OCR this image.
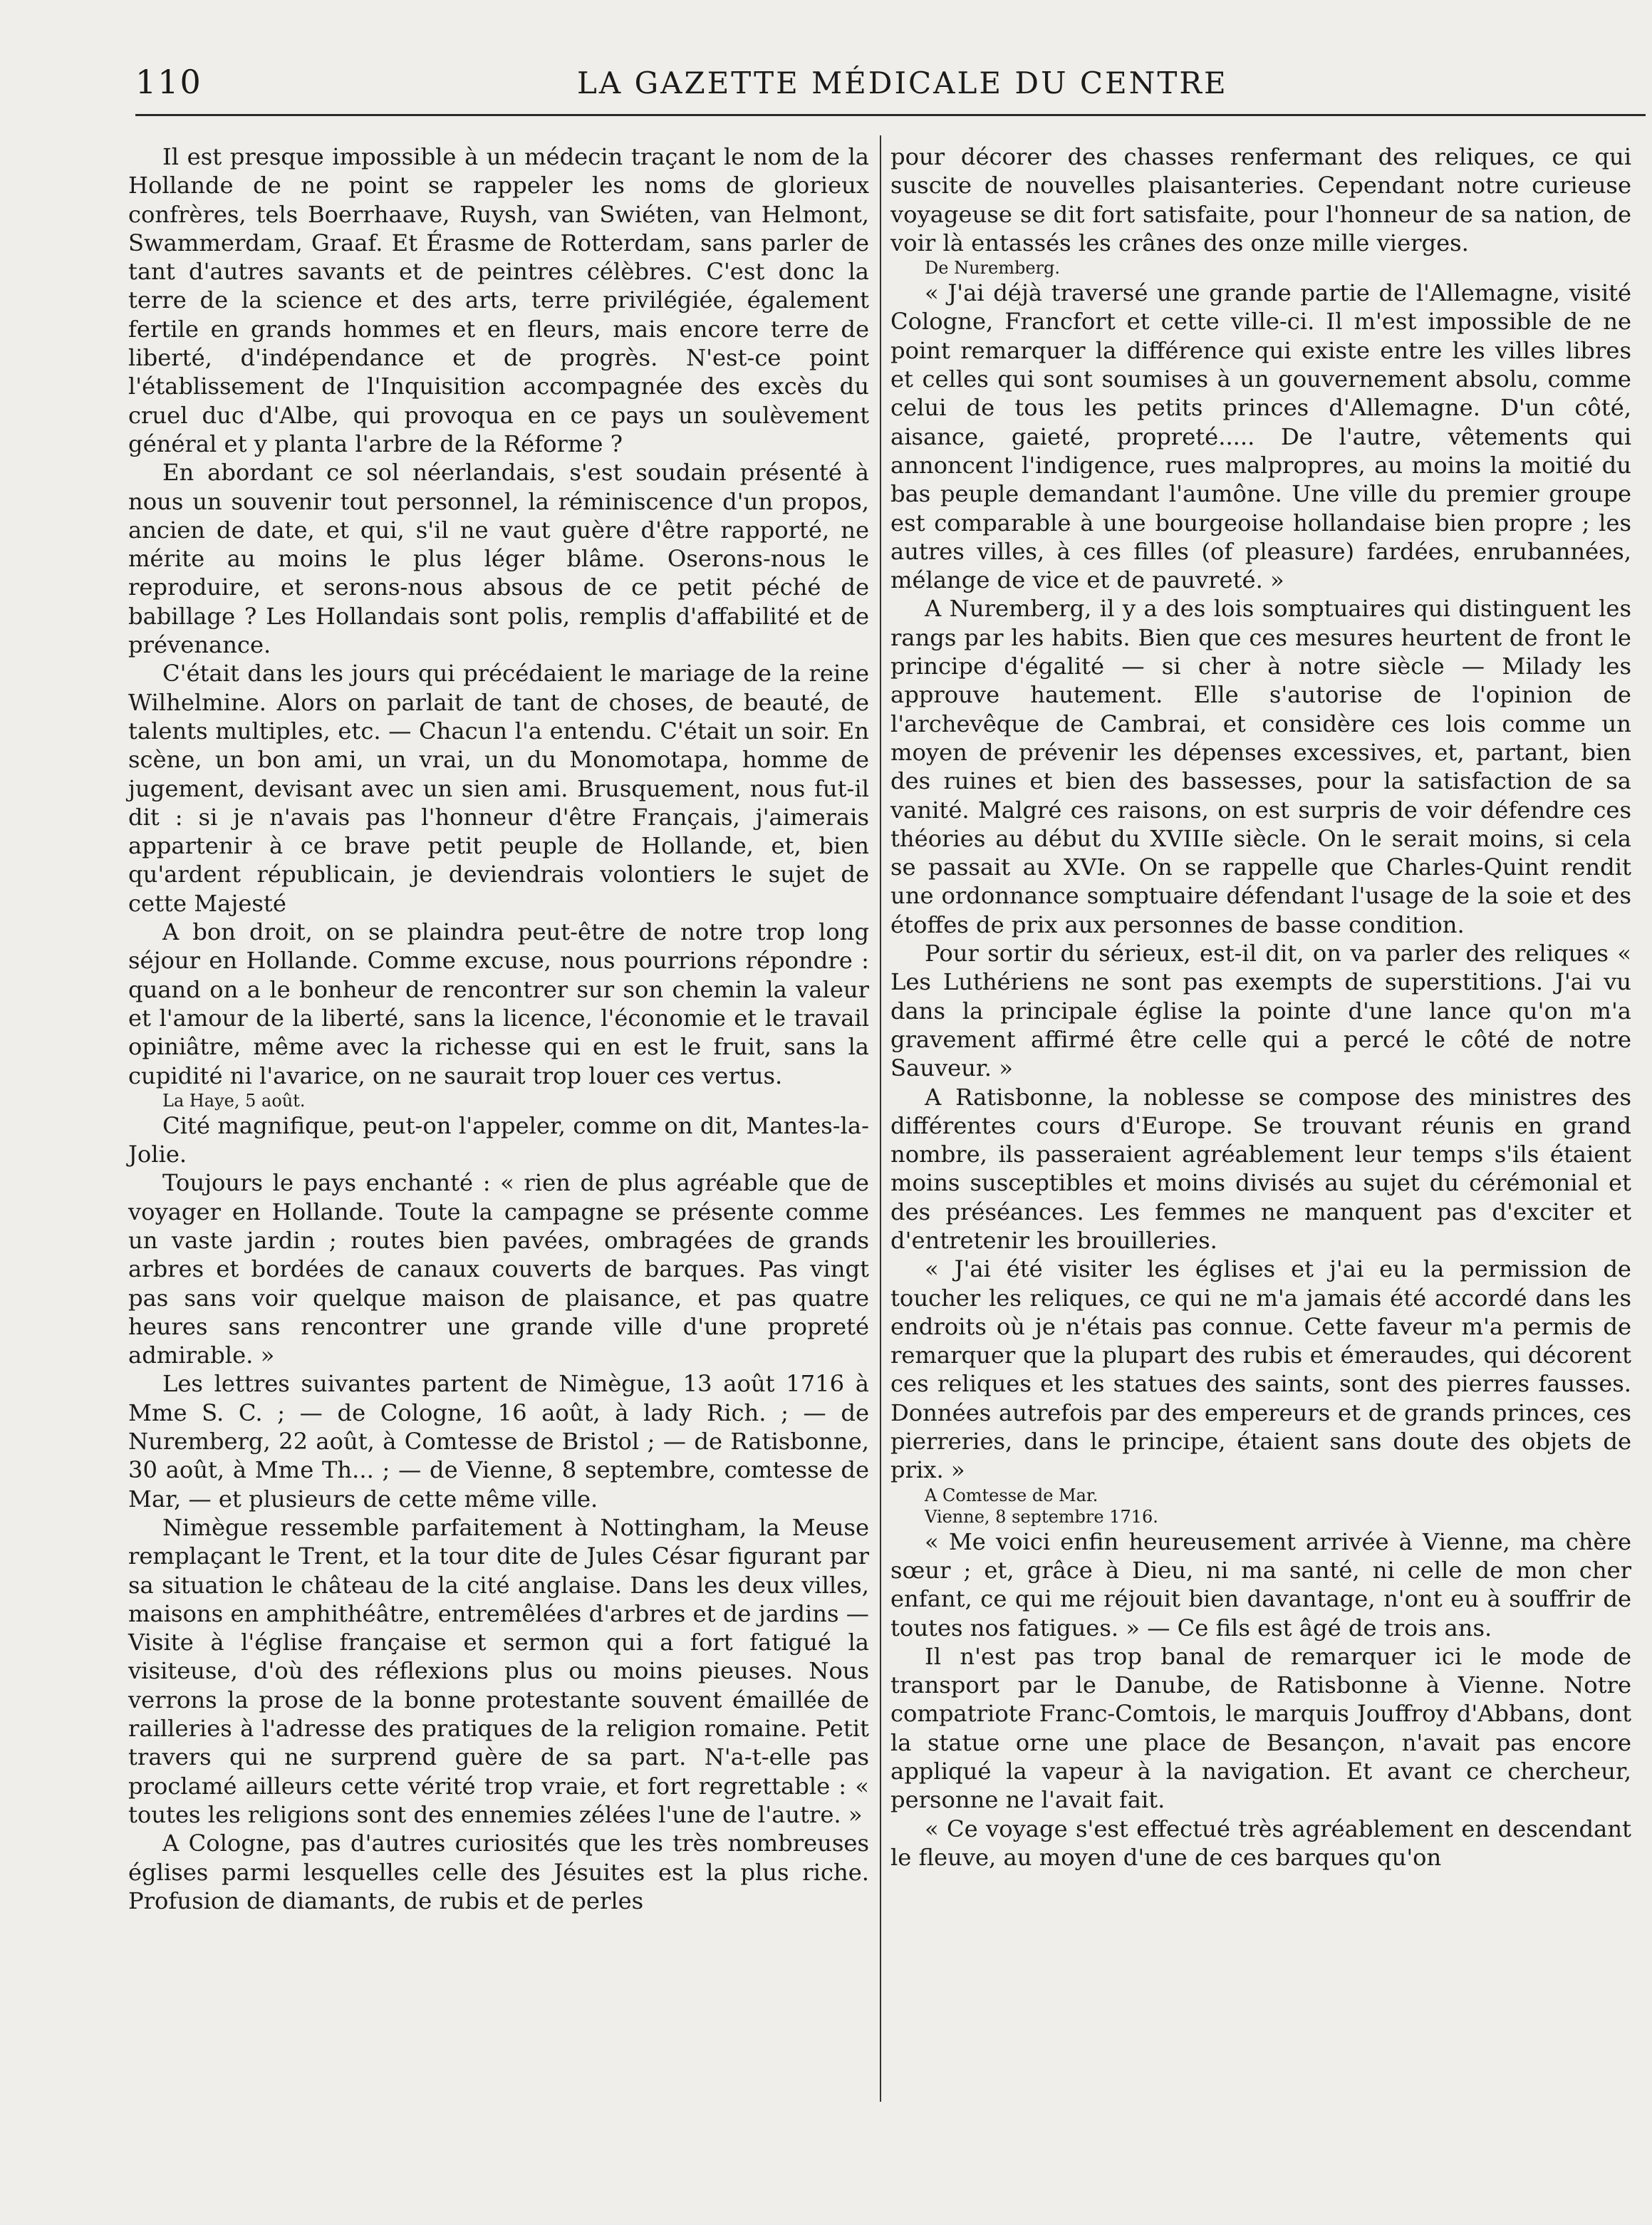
110	LA GAZETTE MÉDICALE DU CENTRE

Il est presque impossible à un médecin traçant le nom de la Hollande de ne point se rappeler les noms de glorieux confrères, tels Boerrhaave, Ruysh, van Swiéten, van Helmont, Swammerdam, Graaf. Et Érasme de Rotterdam, sans parler de tant d'autres savants et de peintres célèbres. C'est donc la terre de la science et des arts, terre privilégiée, également fertile en grands hommes et en fleurs, mais encore terre de liberté, d'indépendance et de progrès. N'est-ce point l'établissement de l'Inquisition accompagnée des excès du cruel duc d'Albe, qui provoqua en ce pays un soulèvement général et y planta l'arbre de la Réforme ?

En abordant ce sol néerlandais, s'est soudain présenté à nous un souvenir tout personnel, la réminiscence d'un propos, ancien de date, et qui, s'il ne vaut guère d'être rapporté, ne mérite au moins le plus léger blâme. Oserons-nous le reproduire, et serons-nous absous de ce petit péché de babillage ? Les Hollandais sont polis, remplis d'affabilité et de prévenance.

C'était dans les jours qui précédaient le mariage de la reine Wilhelmine. Alors on parlait de tant de choses, de beauté, de talents multiples, etc. — Chacun l'a entendu. C'était un soir. En scène, un bon ami, un vrai, un du Monomotapa, homme de jugement, devisant avec un sien ami. Brusquement, nous fut-il dit : si je n'avais pas l'honneur d'être Français, j'aimerais appartenir à ce brave petit peuple de Hollande, et, bien qu'ardent républicain, je deviendrais volontiers le sujet de cette Majesté

A bon droit, on se plaindra peut-être de notre trop long séjour en Hollande. Comme excuse, nous pourrions répondre : quand on a le bonheur de rencontrer sur son chemin la valeur et l'amour de la liberté, sans la licence, l'économie et le travail opiniâtre, même avec la richesse qui en est le fruit, sans la cupidité ni l'avarice, on ne saurait trop louer ces vertus.

La Haye, 5 août.

Cité magnifique, peut-on l'appeler, comme on dit, Mantes-la-Jolie.

Toujours le pays enchanté : « rien de plus agréable que de voyager en Hollande. Toute la campagne se présente comme un vaste jardin ; routes bien pavées, ombragées de grands arbres et bordées de canaux couverts de barques. Pas vingt pas sans voir quelque maison de plaisance, et pas quatre heures sans rencontrer une grande ville d'une propreté admirable. »

Les lettres suivantes partent de Nimègue, 13 août 1716 à Mme S. C. ; — de Cologne, 16 août, à lady Rich. ; — de Nuremberg, 22 août, à Comtesse de Bristol ; — de Ratisbonne, 30 août, à Mme Th... ; — de Vienne, 8 septembre, comtesse de Mar, — et plusieurs de cette même ville.

Nimègue ressemble parfaitement à Nottingham, la Meuse remplaçant le Trent, et la tour dite de Jules César figurant par sa situation le château de la cité anglaise. Dans les deux villes, maisons en amphithéâtre, entremêlées d'arbres et de jardins — Visite à l'église française et sermon qui a fort fatigué la visiteuse, d'où des réflexions plus ou moins pieuses. Nous verrons la prose de la bonne protestante souvent émaillée de railleries à l'adresse des pratiques de la religion romaine. Petit travers qui ne surprend guère de sa part. N'a-t-elle pas proclamé ailleurs cette vérité trop vraie, et fort regrettable : « toutes les religions sont des ennemies zélées l'une de l'autre. »

A Cologne, pas d'autres curiosités que les très nombreuses églises parmi lesquelles celle des Jésuites est la plus riche. Profusion de diamants, de rubis et de perles

pour décorer des chasses renfermant des reliques, ce qui suscite de nouvelles plaisanteries. Cependant notre curieuse voyageuse se dit fort satisfaite, pour l'honneur de sa nation, de voir là entassés les crânes des onze mille vierges.

De Nuremberg.

« J'ai déjà traversé une grande partie de l'Allemagne, visité Cologne, Francfort et cette ville-ci. Il m'est impossible de ne point remarquer la différence qui existe entre les villes libres et celles qui sont soumises à un gouvernement absolu, comme celui de tous les petits princes d'Allemagne. D'un côté, aisance, gaieté, propreté..... De l'autre, vêtements qui annoncent l'indigence, rues malpropres, au moins la moitié du bas peuple demandant l'aumône. Une ville du premier groupe est comparable à une bourgeoise hollandaise bien propre ; les autres villes, à ces filles (of pleasure) fardées, enrubannées, mélange de vice et de pauvreté. »

A Nuremberg, il y a des lois somptuaires qui distinguent les rangs par les habits. Bien que ces mesures heurtent de front le principe d'égalité — si cher à notre siècle — Milady les approuve hautement. Elle s'autorise de l'opinion de l'archevêque de Cambrai, et considère ces lois comme un moyen de prévenir les dépenses excessives, et, partant, bien des ruines et bien des bassesses, pour la satisfaction de sa vanité. Malgré ces raisons, on est surpris de voir défendre ces théories au début du XVIIIe siècle. On le serait moins, si cela se passait au XVIe. On se rappelle que Charles-Quint rendit une ordonnance somptuaire défendant l'usage de la soie et des étoffes de prix aux personnes de basse condition.

Pour sortir du sérieux, est-il dit, on va parler des reliques « Les Luthériens ne sont pas exempts de superstitions. J'ai vu dans la principale église la pointe d'une lance qu'on m'a gravement affirmé être celle qui a percé le côté de notre Sauveur. »

A Ratisbonne, la noblesse se compose des ministres des différentes cours d'Europe. Se trouvant réunis en grand nombre, ils passeraient agréablement leur temps s'ils étaient moins susceptibles et moins divisés au sujet du cérémonial et des préséances. Les femmes ne manquent pas d'exciter et d'entretenir les brouilleries.

« J'ai été visiter les églises et j'ai eu la permission de toucher les reliques, ce qui ne m'a jamais été accordé dans les endroits où je n'étais pas connue. Cette faveur m'a permis de remarquer que la plupart des rubis et émeraudes, qui décorent ces reliques et les statues des saints, sont des pierres fausses. Données autrefois par des empereurs et de grands princes, ces pierreries, dans le principe, étaient sans doute des objets de prix. »

A Comtesse de Mar.

Vienne, 8 septembre 1716.

« Me voici enfin heureusement arrivée à Vienne, ma chère sœur ; et, grâce à Dieu, ni ma santé, ni celle de mon cher enfant, ce qui me réjouit bien davantage, n'ont eu à souffrir de toutes nos fatigues. » — Ce fils est âgé de trois ans.

Il n'est pas trop banal de remarquer ici le mode de transport par le Danube, de Ratisbonne à Vienne. Notre compatriote Franc-Comtois, le marquis Jouffroy d'Abbans, dont la statue orne une place de Besançon, n'avait pas encore appliqué la vapeur à la navigation. Et avant ce chercheur, personne ne l'avait fait.

« Ce voyage s'est effectué très agréablement en descendant le fleuve, au moyen d'une de ces barques qu'on
